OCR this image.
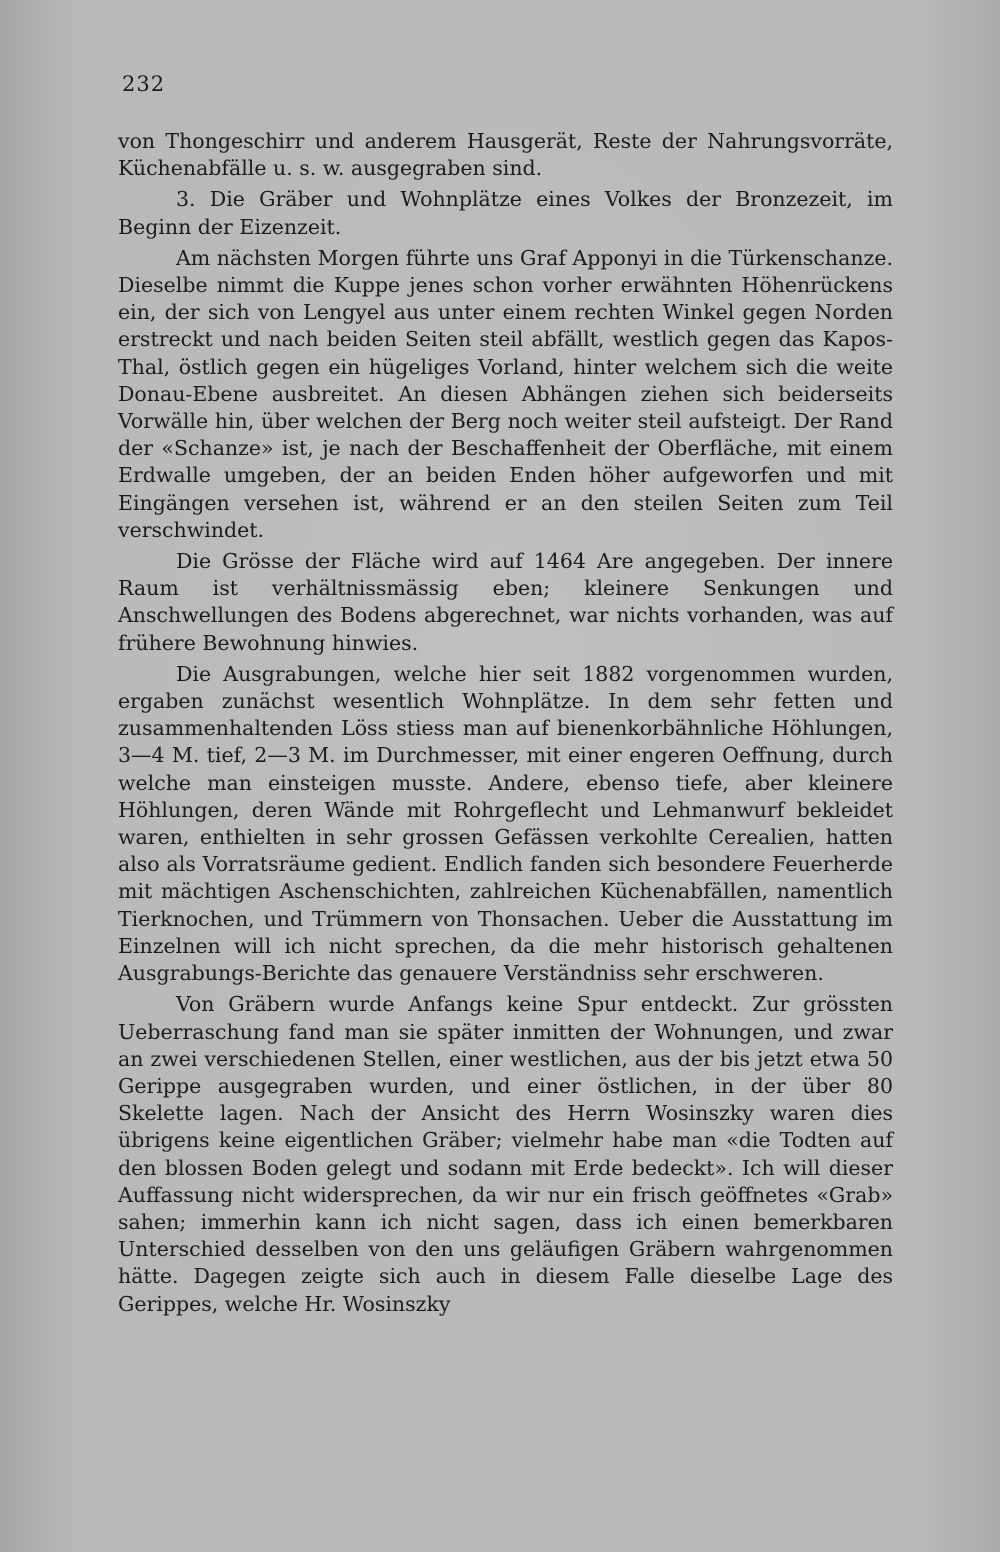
232

von Thongeschirr und anderem Hausgerät, Reste der Nahrungsvorräte, Küchenabfälle u. s. w. ausgegraben sind.

3. Die Gräber und Wohnplätze eines Volkes der Bronzezeit, im Beginn der Eizenzeit.

Am nächsten Morgen führte uns Graf Apponyi in die Türkenschanze. Dieselbe nimmt die Kuppe jenes schon vorher erwähnten Höhenrückens ein, der sich von Lengyel aus unter einem rechten Winkel gegen Norden erstreckt und nach beiden Seiten steil abfällt, westlich gegen das Kapos-Thal, östlich gegen ein hügeliges Vorland, hinter welchem sich die weite Donau-Ebene ausbreitet. An diesen Abhängen ziehen sich beiderseits Vorwälle hin, über welchen der Berg noch weiter steil aufsteigt. Der Rand der «Schanze» ist, je nach der Beschaffenheit der Oberfläche, mit einem Erdwalle umgeben, der an beiden Enden höher aufgeworfen und mit Eingängen versehen ist, während er an den steilen Seiten zum Teil verschwindet.

Die Grösse der Fläche wird auf 1464 Are angegeben. Der innere Raum ist verhältnissmässig eben; kleinere Senkungen und Anschwellungen des Bodens abgerechnet, war nichts vorhanden, was auf frühere Bewohnung hinwies.

Die Ausgrabungen, welche hier seit 1882 vorgenommen wurden, ergaben zunächst wesentlich Wohnplätze. In dem sehr fetten und zusammenhaltenden Löss stiess man auf bienenkorbähnliche Höhlungen, 3—4 M. tief, 2—3 M. im Durchmesser, mit einer engeren Oeffnung, durch welche man einsteigen musste. Andere, ebenso tiefe, aber kleinere Höhlungen, deren Wände mit Rohrgeflecht und Lehmanwurf bekleidet waren, enthielten in sehr grossen Gefässen verkohlte Cerealien, hatten also als Vorratsräume gedient. Endlich fanden sich besondere Feuerherde mit mächtigen Aschenschichten, zahlreichen Küchenabfällen, namentlich Tierknochen, und Trümmern von Thonsachen. Ueber die Ausstattung im Einzelnen will ich nicht sprechen, da die mehr historisch gehaltenen Ausgrabungs-Berichte das genauere Verständniss sehr erschweren.

Von Gräbern wurde Anfangs keine Spur entdeckt. Zur grössten Ueberraschung fand man sie später inmitten der Wohnungen, und zwar an zwei verschiedenen Stellen, einer westlichen, aus der bis jetzt etwa 50 Gerippe ausgegraben wurden, und einer östlichen, in der über 80 Skelette lagen. Nach der Ansicht des Herrn Wosinszky waren dies übrigens keine eigentlichen Gräber; vielmehr habe man «die Todten auf den blossen Boden gelegt und sodann mit Erde bedeckt». Ich will dieser Auffassung nicht widersprechen, da wir nur ein frisch geöffnetes «Grab» sahen; immerhin kann ich nicht sagen, dass ich einen bemerkbaren Unterschied desselben von den uns geläufigen Gräbern wahrgenommen hätte. Dagegen zeigte sich auch in diesem Falle dieselbe Lage des Gerippes, welche Hr. Wosinszky
